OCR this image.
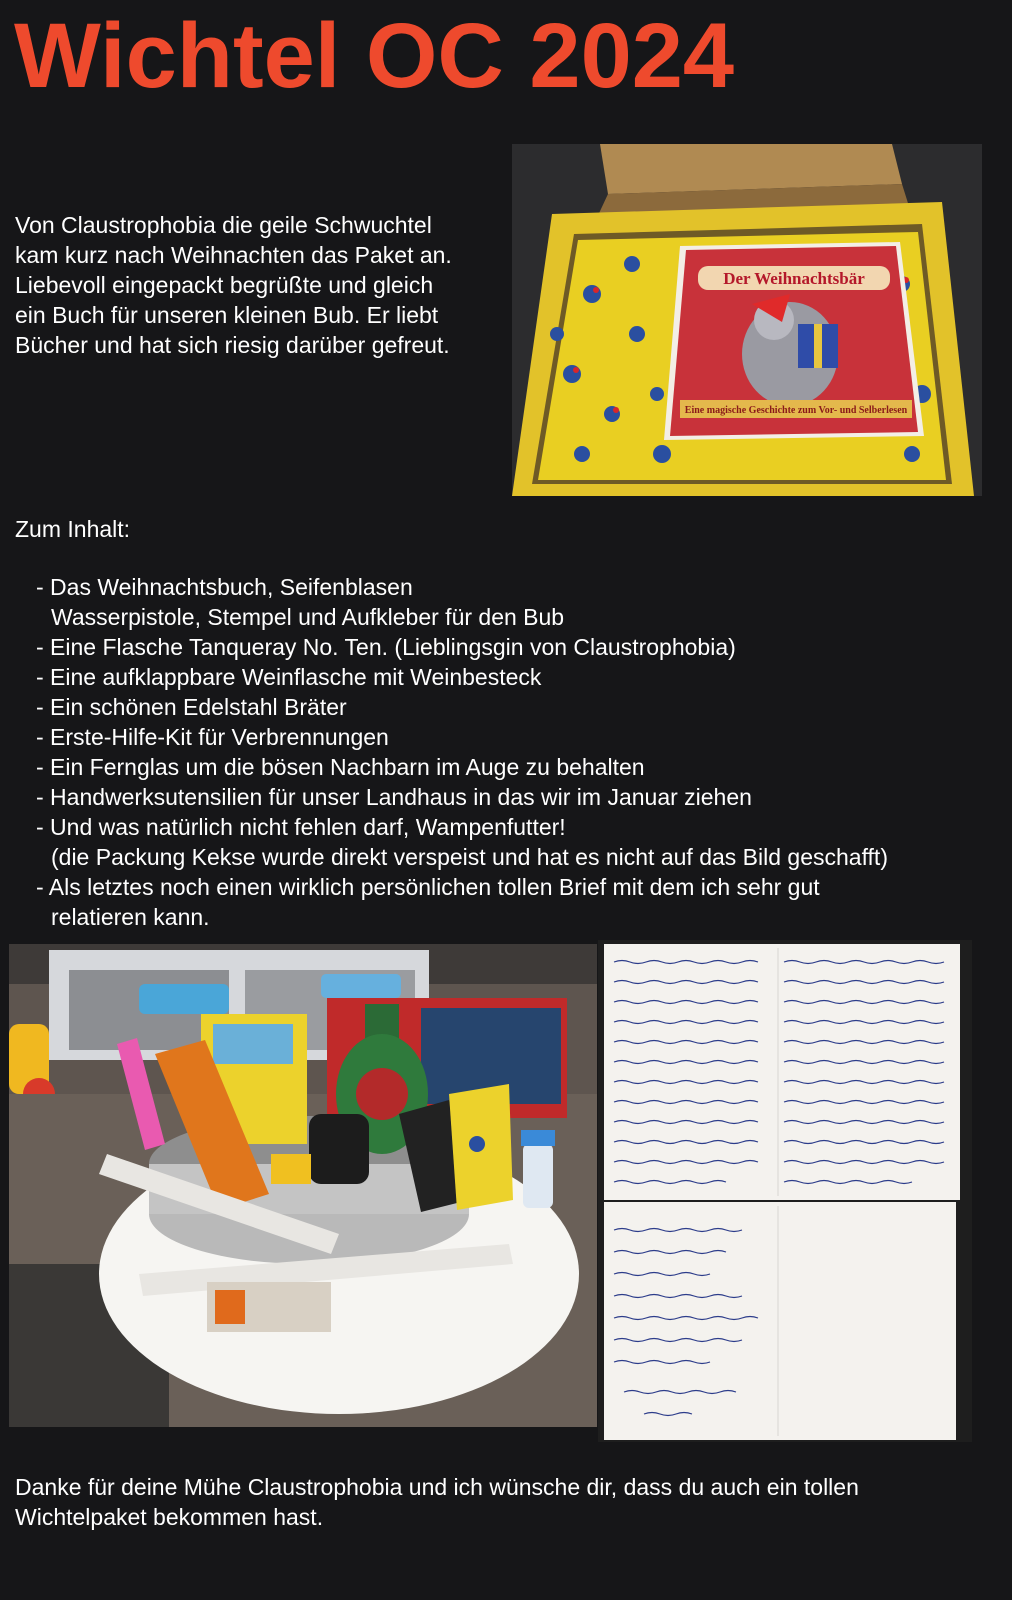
Wichtel OC 2024

Von Claustrophobia die geile Schwuchtel
kam kurz nach Weihnachten das Paket an.
Liebevoll eingepackt begrüßte und gleich
ein Buch für unseren kleinen Bub. Er liebt
Bücher und hat sich riesig darüber gefreut.

Der Weihnachtsbär
Eine magische Geschichte zum Vor- und Selberlesen

Zum Inhalt:

- Das Weihnachtsbuch, Seifenblasen
Wasserpistole, Stempel und Aufkleber für den Bub
- Eine Flasche Tanqueray No. Ten. (Lieblingsgin von Claustrophobia)
- Eine aufklappbare Weinflasche mit Weinbesteck
- Ein schönen Edelstahl Bräter
- Erste-Hilfe-Kit für Verbrennungen
- Ein Fernglas um die bösen Nachbarn im Auge zu behalten
- Handwerksutensilien für unser Landhaus in das wir im Januar ziehen
- Und was natürlich nicht fehlen darf, Wampenfutter!
(die Packung Kekse wurde direkt verspeist und hat es nicht auf das Bild geschafft)
- Als letztes noch einen wirklich persönlichen tollen Brief mit dem ich sehr gut
relatieren kann.

Danke für deine Mühe Claustrophobia und ich wünsche dir, dass du auch ein tollen
Wichtelpaket bekommen hast.
